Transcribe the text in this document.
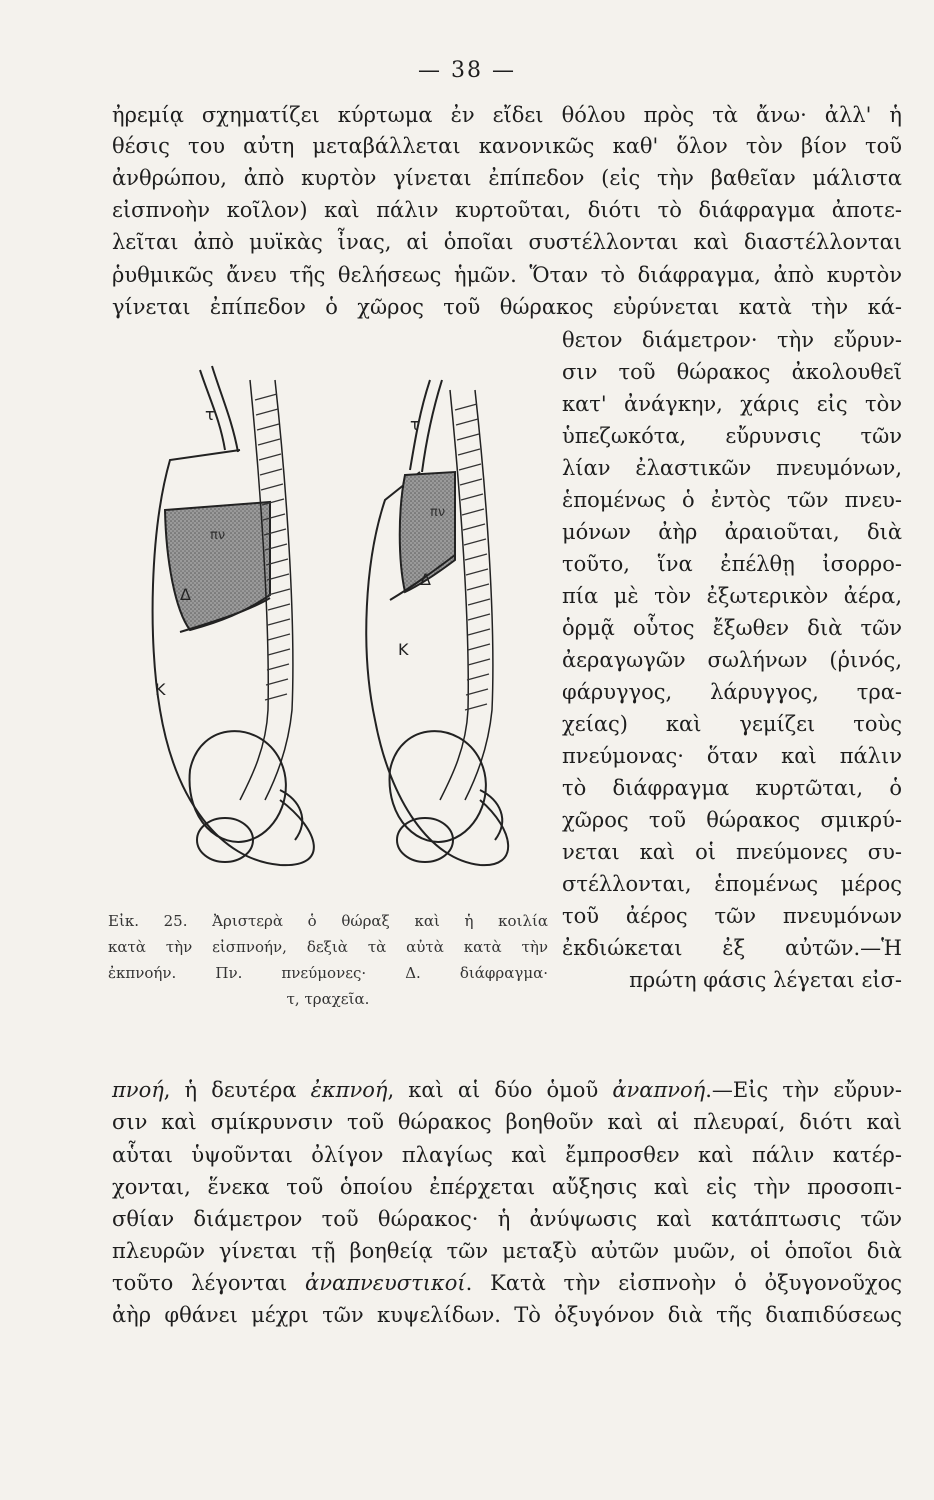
— 38 —
ἠρεμίᾳ σχηματίζει κύρτωμα ἐν εἴδει θόλου πρὸς τὰ ἄνω· ἀλλ' ἡ
θέσις του αὐτη μεταβάλλεται κανονικῶς καθ' ὅλον τὸν βίον τοῦ
ἀνθρώπου, ἀπὸ κυρτὸν γίνεται ἐπίπεδον (εἰς τὴν βαθεῖαν μάλιστα
εἰσπνοὴν κοῖλον) καὶ πάλιν κυρτοῦται, διότι τὸ διάφραγμα ἀποτε-
λεῖται ἀπὸ μυϊκὰς ἶνας, αἱ ὁποῖαι συστέλλονται καὶ διαστέλλονται
ῥυθμικῶς ἄνευ τῆς θελήσεως ἡμῶν. Ὅταν τὸ διάφραγμα, ἀπὸ κυρτὸν
γίνεται ἐπίπεδον ὁ χῶρος τοῦ θώρακος εὐρύνεται κατὰ τὴν κά-
θετον διάμετρον· τὴν εὔρυν-
σιν τοῦ θώρακος ἀκολουθεῖ
κατ' ἀνάγκην, χάρις εἰς τὸν
ὑπεζωκότα, εὔρυνσις τῶν
λίαν ἐλαστικῶν πνευμόνων,
ἑπομένως ὁ ἐντὸς τῶν πνευ-
μόνων ἀὴρ ἀραιοῦται, διὰ
τοῦτο, ἵνα ἐπέλθῃ ἰσορρο-
πία μὲ τὸν ἐξωτερικὸν ἀέρα,
ὁρμᾷ οὗτος ἔξωθεν διὰ τῶν
ἀεραγωγῶν σωλήνων (ῥινός,
φάρυγγος, λάρυγγος, τρα-
χείας) καὶ γεμίζει τοὺς
πνεύμονας· ὅταν καὶ πάλιν
τὸ διάφραγμα κυρτῶται, ὁ
χῶρος τοῦ θώρακος σμικρύ-
νεται καὶ οἱ πνεύμονες συ-
στέλλονται, ἑπομένως μέρος
τοῦ ἀέρος τῶν πνευμόνων
ἐκδιώκεται ἐξ αὐτῶν.—Ἡ
πρώτη φάσις λέγεται εἰσ-
τ
πν
Δ
Κ
τ
πν
Δ
Κ
Εἰκ. 25. Ἀριστερὰ ὁ θώραξ καὶ ἡ κοιλία
κατὰ τὴν εἰσπνοήν, δεξιὰ τὰ αὐτὰ κατὰ τὴν
ἐκπνοήν. Πν. πνεύμονες· Δ. διάφραγμα·
τ, τραχεῖα.
πνοή, ἡ δευτέρα ἐκπνοή, καὶ αἱ δύο ὁμοῦ ἀναπνοή.—Εἰς τὴν εὔρυν-
σιν καὶ σμίκρυνσιν τοῦ θώρακος βοηθοῦν καὶ αἱ πλευραί, διότι καὶ
αὗται ὑψοῦνται ὀλίγον πλαγίως καὶ ἔμπροσθεν καὶ πάλιν κατέρ-
χονται, ἕνεκα τοῦ ὁποίου ἐπέρχεται αὔξησις καὶ εἰς τὴν προσοπι-
σθίαν διάμετρον τοῦ θώρακος· ἡ ἀνύψωσις καὶ κατάπτωσις τῶν
πλευρῶν γίνεται τῇ βοηθείᾳ τῶν μεταξὺ αὐτῶν μυῶν, οἱ ὁποῖοι διὰ
τοῦτο λέγονται ἀναπνευστικοί. Κατὰ τὴν εἰσπνοὴν ὁ ὀξυγονοῦχος
ἀὴρ φθάνει μέχρι τῶν κυψελίδων. Τὸ ὀξυγόνον διὰ τῆς διαπιδύσεως
